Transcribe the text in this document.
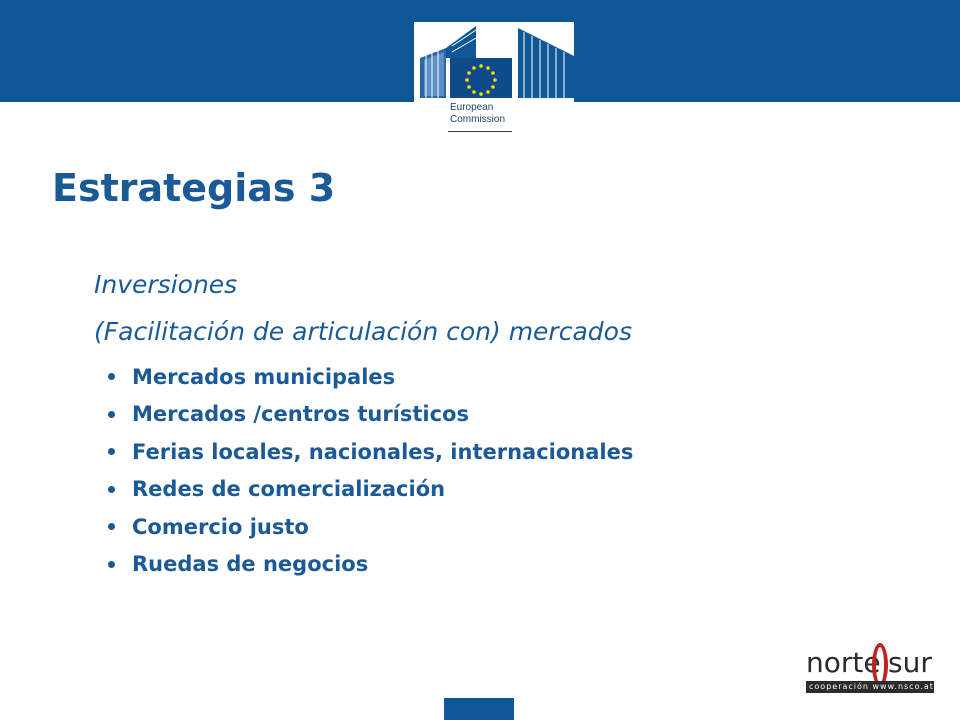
European
Commission
Estrategias 3
Inversiones
(Facilitación de articulación con) mercados
Mercados municipales
Mercados /centros turísticos
Ferias locales, nacionales, internacionales
Redes de comercialización
Comercio justo
Ruedas de negocios
norte sur
cooperación www.nsco.at
